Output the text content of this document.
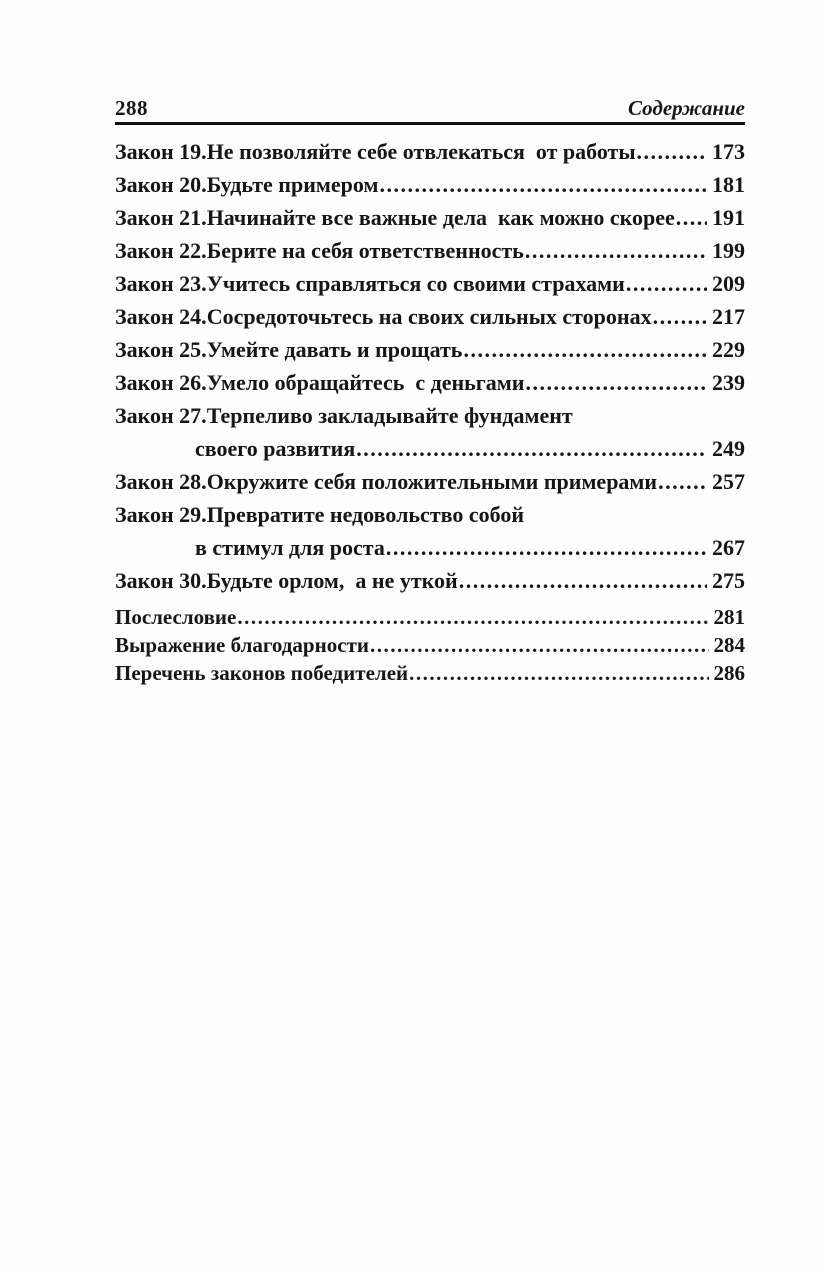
288	Содержание
Закон 19. Не позволяйте себе отвлекаться  от работы .....	173
Закон 20. Будьте примером .....	181
Закон 21. Начинайте все важные дела  как можно скорее ..... 191
Закон 22. Берите на себя ответственность .....	199
Закон 23. Учитесь справляться со своими страхами .....	209
Закон 24. Сосредоточьтесь на своих сильных сторонах .....	217
Закон 25. Умейте давать и прощать .....	229
Закон 26. Умело обращайтесь  с деньгами .....	239
Закон 27. Терпеливо закладывайте фундамент
своего развития .....	249
Закон 28. Окружите себя положительными примерами ..... 257
Закон 29. Превратите недовольство собой
в стимул для роста .....	267
Закон 30. Будьте орлом,  а не уткой .....	275
Послесловие .....	281
Выражение благодарности .....	284
Перечень законов победителей .....	286
